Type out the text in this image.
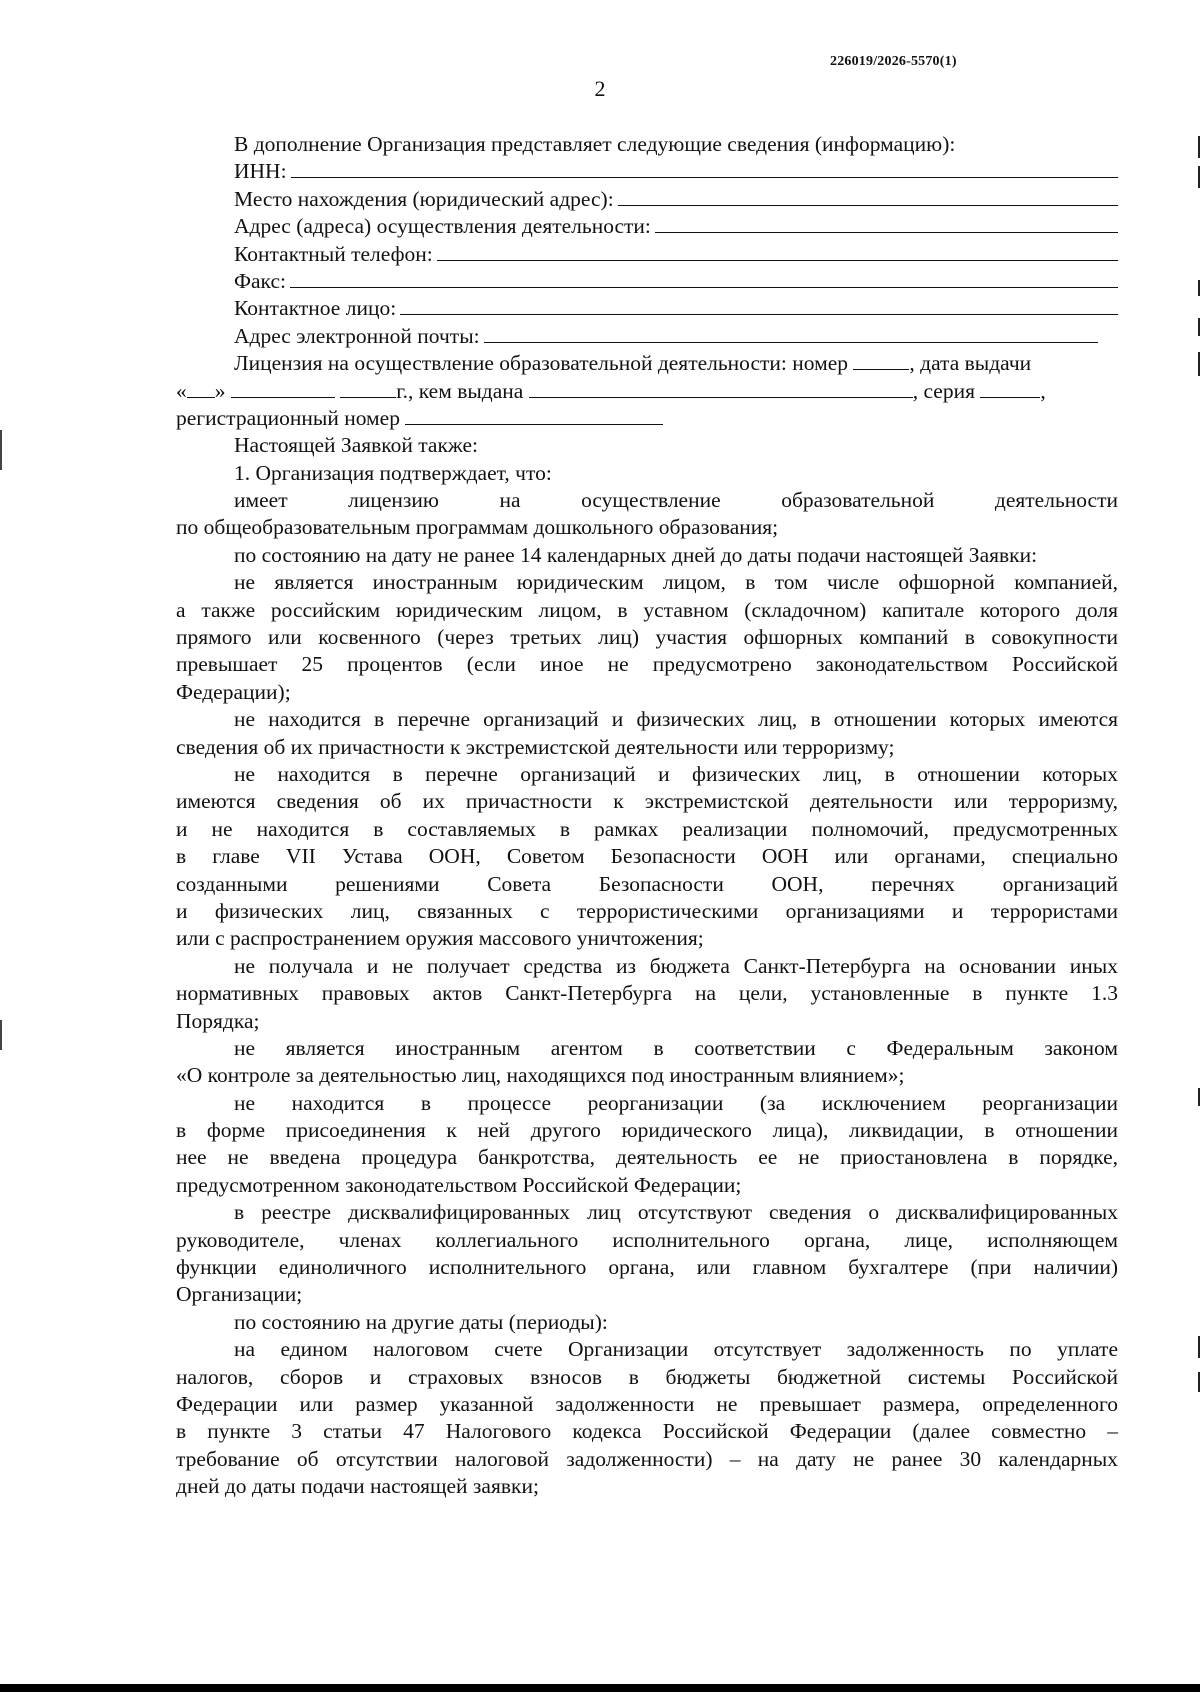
226019/2026-5570(1)
2
В дополнение Организация представляет следующие сведения (информацию):
ИНН:
Место нахождения (юридический адрес):
Адрес (адреса) осуществления деятельности:
Контактный телефон:
Факс:
Контактное лицо:
Адрес электронной почты:
Лицензия на осуществление образовательной деятельности: номер	, дата выдачи
« »	г., кем выдана	, серия	,
регистрационный номер
Настоящей Заявкой также:
1. Организация подтверждает, что:
имеет лицензию на осуществление образовательной деятельности
по общеобразовательным программам дошкольного образования;
по состоянию на дату не ранее 14 календарных дней до даты подачи настоящей Заявки:
не является иностранным юридическим лицом, в том числе офшорной компанией,
а также российским юридическим лицом, в уставном (складочном) капитале которого доля
прямого или косвенного (через третьих лиц) участия офшорных компаний в совокупности
превышает 25 процентов (если иное не предусмотрено законодательством Российской
Федерации);
не находится в перечне организаций и физических лиц, в отношении которых имеются
сведения об их причастности к экстремистской деятельности или терроризму;
не находится в перечне организаций и физических лиц, в отношении которых
имеются сведения об их причастности к экстремистской деятельности или терроризму,
и не находится в составляемых в рамках реализации полномочий, предусмотренных
в главе VII Устава ООН, Советом Безопасности ООН или органами, специально
созданными решениями Совета Безопасности ООН, перечнях организаций
и физических лиц, связанных с террористическими организациями и террористами
или с распространением оружия массового уничтожения;
не получала и не получает средства из бюджета Санкт-Петербурга на основании иных
нормативных правовых актов Санкт-Петербурга на цели, установленные в пункте 1.3
Порядка;
не является иностранным агентом в соответствии с Федеральным законом
«О контроле за деятельностью лиц, находящихся под иностранным влиянием»;
не находится в процессе реорганизации (за исключением реорганизации
в форме присоединения к ней другого юридического лица), ликвидации, в отношении
нее не введена процедура банкротства, деятельность ее не приостановлена в порядке,
предусмотренном законодательством Российской Федерации;
в реестре дисквалифицированных лиц отсутствуют сведения о дисквалифицированных
руководителе, членах коллегиального исполнительного органа, лице, исполняющем
функции единоличного исполнительного органа, или главном бухгалтере (при наличии)
Организации;
по состоянию на другие даты (периоды):
на едином налоговом счете Организации отсутствует задолженность по уплате
налогов, сборов и страховых взносов в бюджеты бюджетной системы Российской
Федерации или размер указанной задолженности не превышает размера, определенного
в пункте 3 статьи 47 Налогового кодекса Российской Федерации (далее совместно –
требование об отсутствии налоговой задолженности) – на дату не ранее 30 календарных
дней до даты подачи настоящей заявки;
